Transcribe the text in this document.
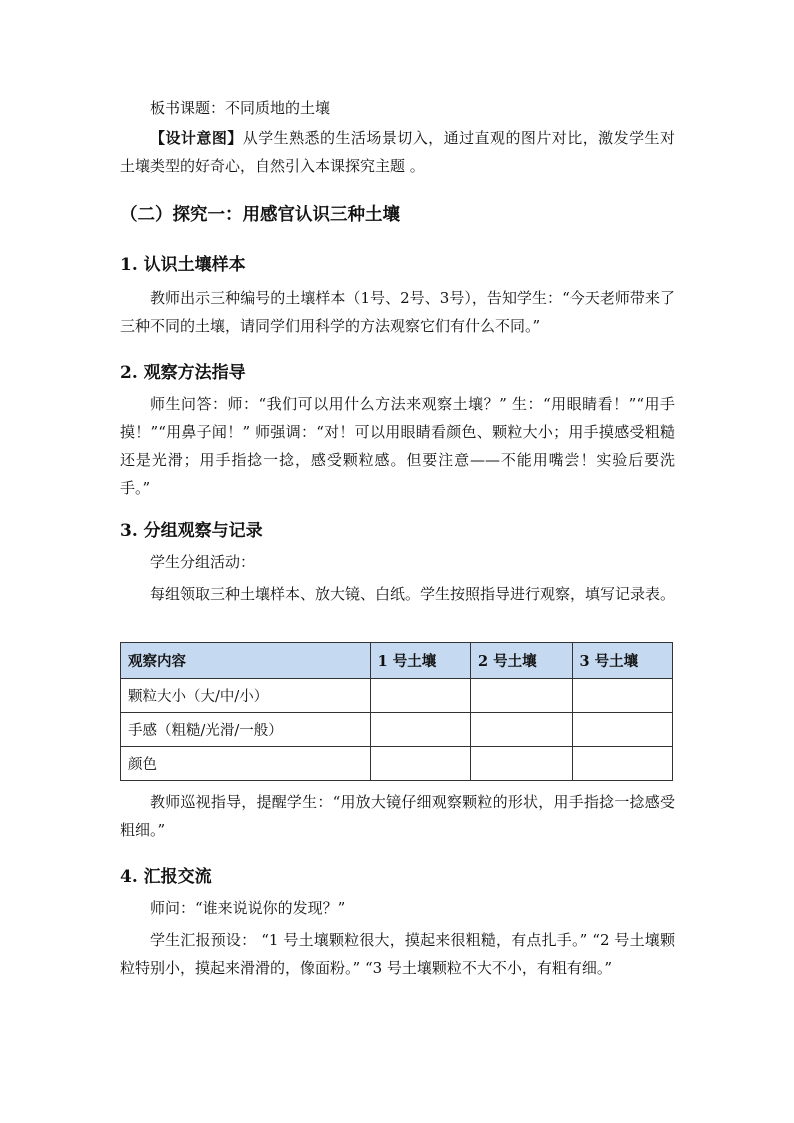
板书课题：不同质地的土壤
【设计意图】从学生熟悉的生活场景切入，通过直观的图片对比，激发学生对土壤类型的好奇心，自然引入本课探究主题 。
（二）探究一：用感官认识三种土壤
1. 认识土壤样本
教师出示三种编号的土壤样本（1号、2号、3号），告知学生：“今天老师带来了三种不同的土壤，请同学们用科学的方法观察它们有什么不同。”
2. 观察方法指导
师生问答：师：“我们可以用什么方法来观察土壤？” 生：“用眼睛看！”“用手摸！”“用鼻子闻！” 师强调：“对！可以用眼睛看颜色、颗粒大小；用手摸感受粗糙还是光滑；用手指捻一捻，感受颗粒感。但要注意——不能用嘴尝！实验后要洗手。”
3. 分组观察与记录
学生分组活动：
每组领取三种土壤样本、放大镜、白纸。学生按照指导进行观察，填写记录表。
观察内容	1 号土壤	2 号土壤	3 号土壤
颗粒大小（大/中/小）			
手感（粗糙/光滑/一般）			
颜色			
教师巡视指导，提醒学生：“用放大镜仔细观察颗粒的形状，用手指捻一捻感受粗细。”
4. 汇报交流
师问：“谁来说说你的发现？”
学生汇报预设： “1 号土壤颗粒很大，摸起来很粗糙，有点扎手。” “2 号土壤颗粒特别小，摸起来滑滑的，像面粉。” “3 号土壤颗粒不大不小，有粗有细。”
